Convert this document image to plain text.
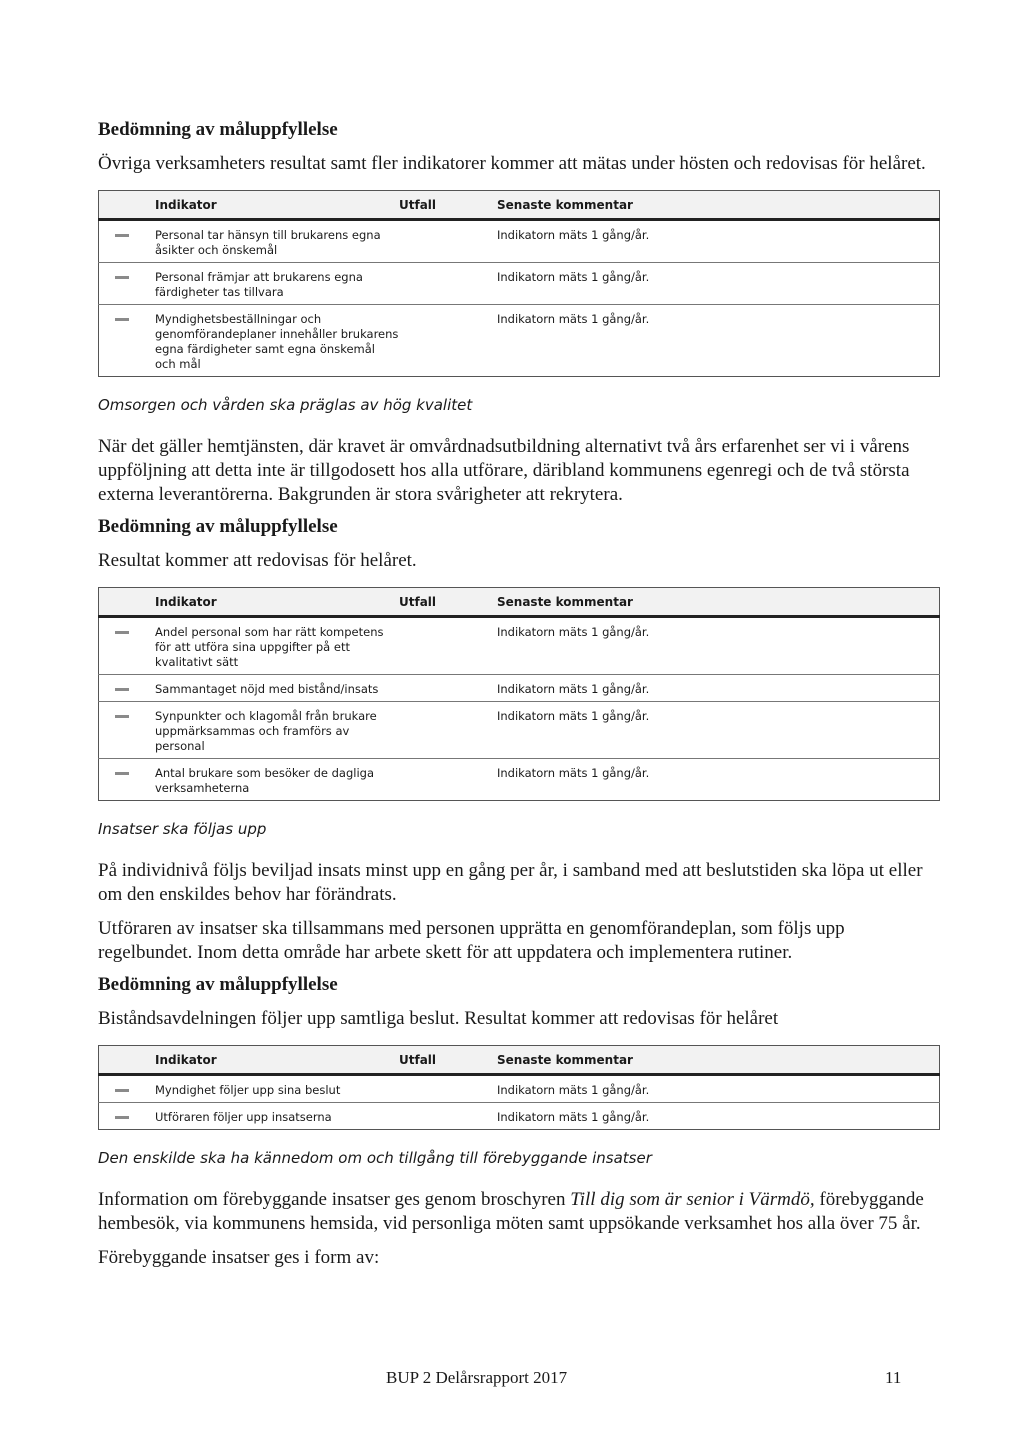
Bedömning av måluppfyllelse

Övriga verksamheters resultat samt fler indikatorer kommer att mätas under hösten och redovisas för helåret.

	Indikator	Utfall	Senaste kommentar

	Personal tar hänsyn till brukarens egna åsikter och önskemål		Indikatorn mäts 1 gång/år.

	Personal främjar att brukarens egna färdigheter tas tillvara		Indikatorn mäts 1 gång/år.

	Myndighetsbeställningar och genomförandeplaner innehåller brukarens egna färdigheter samt egna önskemål och mål		Indikatorn mäts 1 gång/år.
Omsorgen och vården ska präglas av hög kvalitet

När det gäller hemtjänsten, där kravet är omvårdnadsutbildning alternativt två års erfarenhet ser vi i vårens uppföljning att detta inte är tillgodosett hos alla utförare, däribland kommunens egenregi och de två största externa leverantörerna. Bakgrunden är stora svårigheter att rekrytera.

Bedömning av måluppfyllelse

Resultat kommer att redovisas för helåret.

	Indikator	Utfall	Senaste kommentar

	Andel personal som har rätt kompetens för att utföra sina uppgifter på ett kvalitativt sätt		Indikatorn mäts 1 gång/år.

	Sammantaget nöjd med bistånd/insats		Indikatorn mäts 1 gång/år.

	Synpunkter och klagomål från brukare uppmärksammas och framförs av personal		Indikatorn mäts 1 gång/år.

	Antal brukare som besöker de dagliga verksamheterna		Indikatorn mäts 1 gång/år.
Insatser ska följas upp

På individnivå följs beviljad insats minst upp en gång per år, i samband med att beslutstiden ska löpa ut eller om den enskildes behov har förändrats.

Utföraren av insatser ska tillsammans med personen upprätta en genomförandeplan, som följs upp regelbundet. Inom detta område har arbete skett för att uppdatera och implementera rutiner.

Bedömning av måluppfyllelse

Biståndsavdelningen följer upp samtliga beslut. Resultat kommer att redovisas för helåret

	Indikator	Utfall	Senaste kommentar

	Myndighet följer upp sina beslut		Indikatorn mäts 1 gång/år.

	Utföraren följer upp insatserna		Indikatorn mäts 1 gång/år.
Den enskilde ska ha kännedom om och tillgång till förebyggande insatser

Information om förebyggande insatser ges genom broschyren Till dig som är senior i Värmdö, förebyggande hembesök, via kommunens hemsida, vid personliga möten samt uppsökande verksamhet hos alla över 75 år.

Förebyggande insatser ges i form av:

BUP 2 Delårsrapport 2017	11
